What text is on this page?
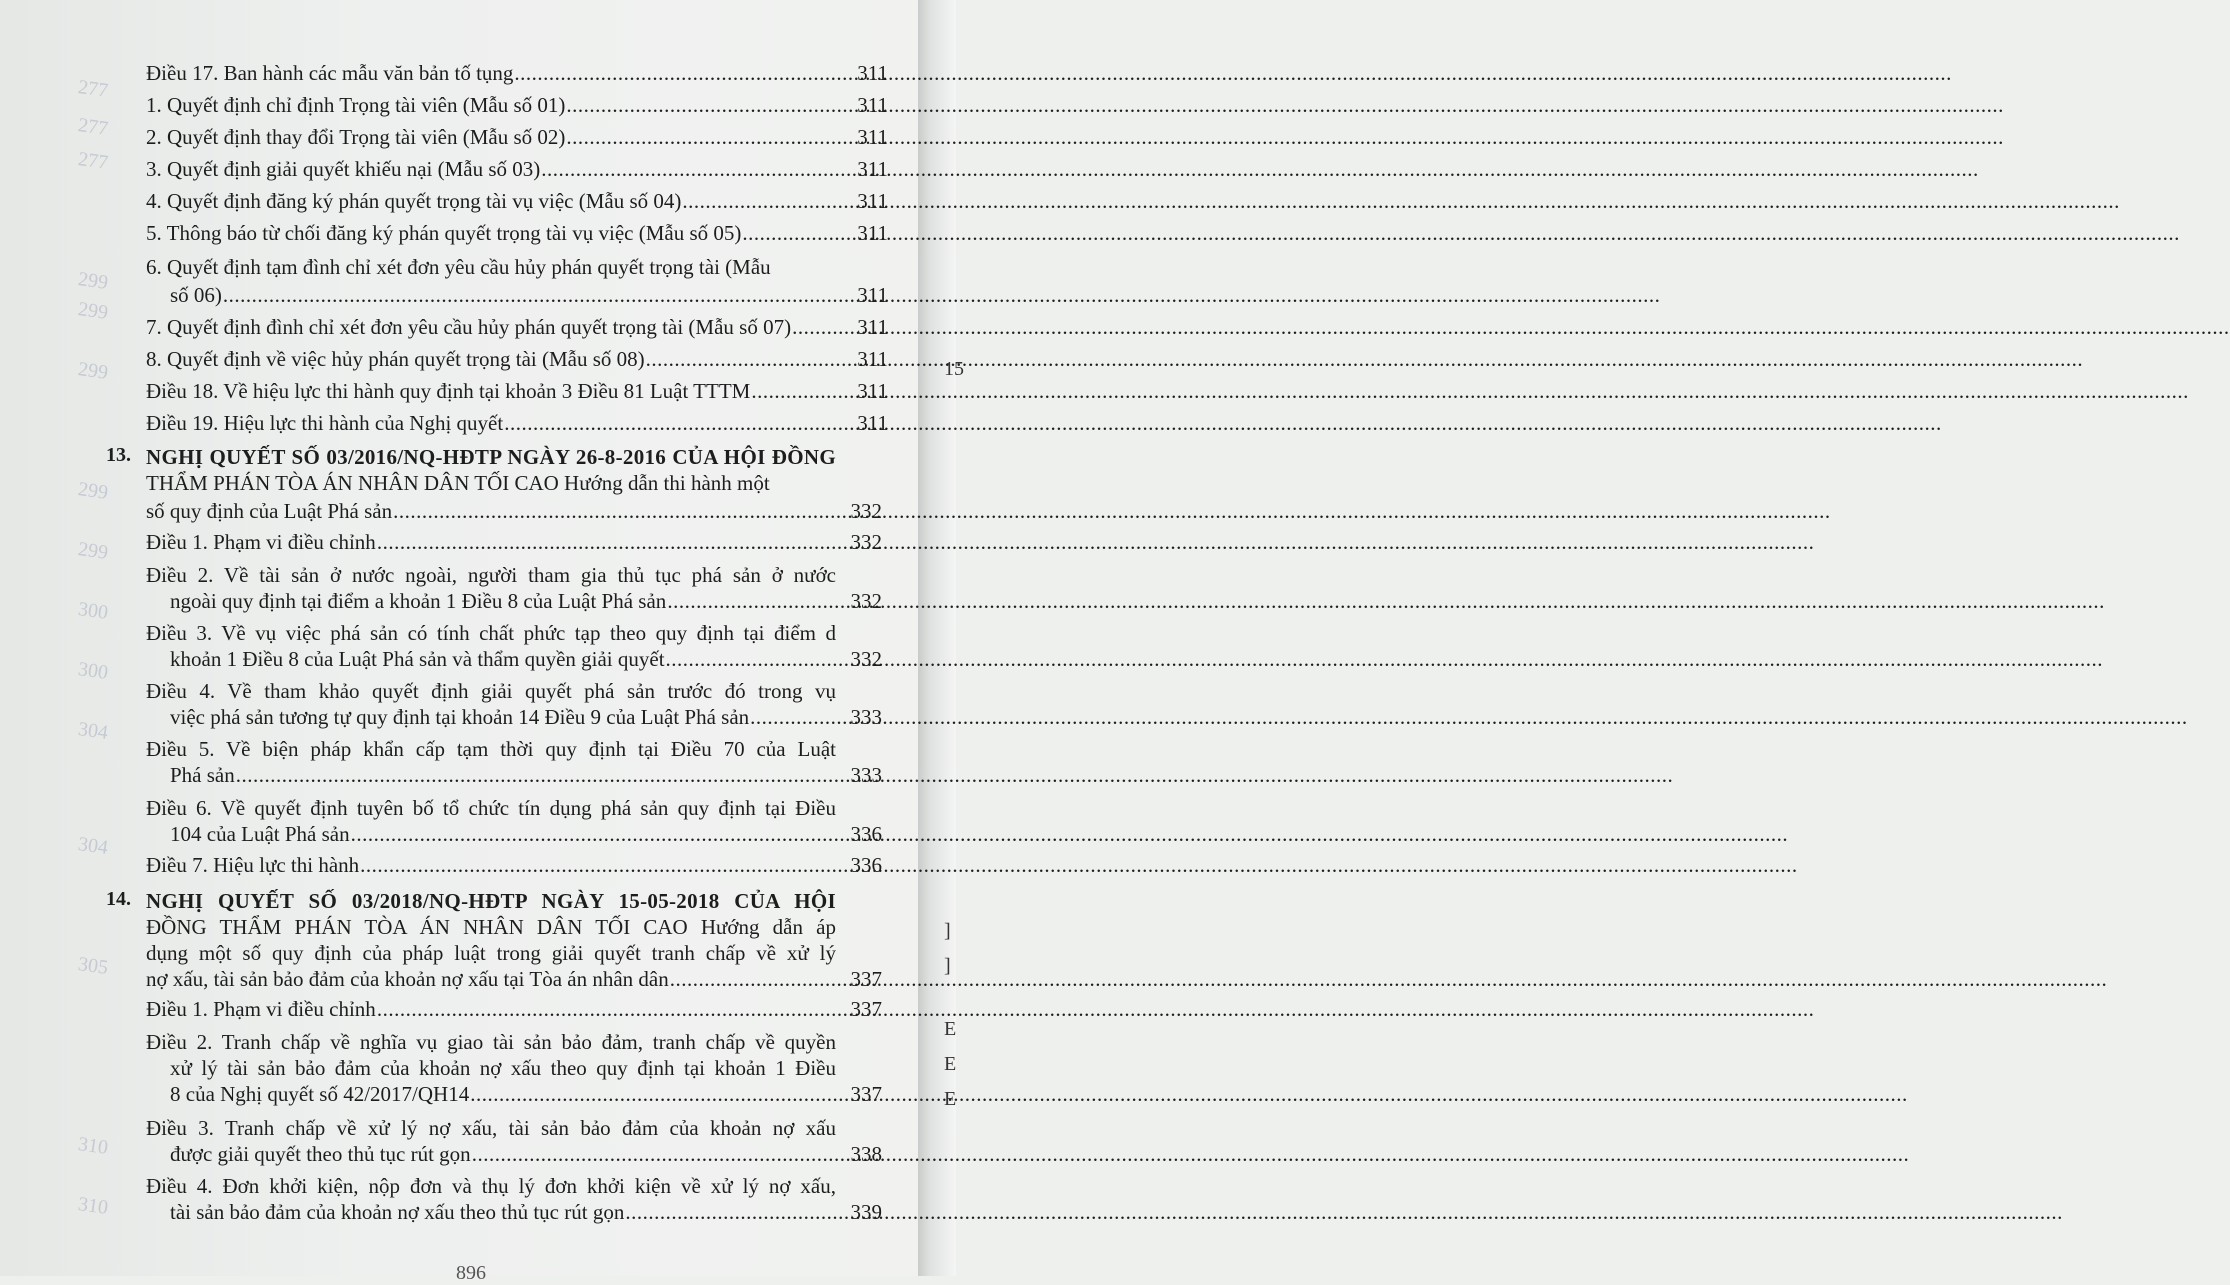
277
277
277
299
299
299
299
299
300
300
304
304
305
310
310
15
]
]
E
E
E
Điều 17. Ban hành các mẫu văn bản tố tụng .....	311
1. Quyết định chỉ định Trọng tài viên (Mẫu số 01) .....	311
2. Quyết định thay đổi Trọng tài viên (Mẫu số 02) .....	311
3. Quyết định giải quyết khiếu nại (Mẫu số 03) .....	311
4. Quyết định đăng ký phán quyết trọng tài vụ việc (Mẫu số 04) .....	311
5. Thông báo từ chối đăng ký phán quyết trọng tài vụ việc (Mẫu số 05) .....	311
6. Quyết định tạm đình chỉ xét đơn yêu cầu hủy phán quyết trọng tài (Mẫu
số 06) .....	311
7. Quyết định đình chỉ xét đơn yêu cầu hủy phán quyết trọng tài (Mẫu số 07) .....	311
8. Quyết định về việc hủy phán quyết trọng tài (Mẫu số 08) .....	311
Điều 18. Về hiệu lực thi hành quy định tại khoản 3 Điều 81 Luật TTTM .....	311
Điều 19. Hiệu lực thi hành của Nghị quyết .....	311
13. NGHỊ QUYẾT SỐ 03/2016/NQ-HĐTP NGÀY 26-8-2016 CỦA HỘI ĐỒNG
THẨM PHÁN TÒA ÁN NHÂN DÂN TỐI CAO Hướng dẫn thi hành một
số quy định của Luật Phá sản .....	332
Điều 1. Phạm vi điều chỉnh .....	332
Điều 2. Về tài sản ở nước ngoài, người tham gia thủ tục phá sản ở nước
ngoài quy định tại điểm a khoản 1 Điều 8 của Luật Phá sản .....	332
Điều 3. Về vụ việc phá sản có tính chất phức tạp theo quy định tại điểm d
khoản 1 Điều 8 của Luật Phá sản và thẩm quyền giải quyết .....	332
Điều 4. Về tham khảo quyết định giải quyết phá sản trước đó trong vụ
việc phá sản tương tự quy định tại khoản 14 Điều 9 của Luật Phá sản .....	333
Điều 5. Về biện pháp khẩn cấp tạm thời quy định tại Điều 70 của Luật
Phá sản .....	333
Điều 6. Về quyết định tuyên bố tổ chức tín dụng phá sản quy định tại Điều
104 của Luật Phá sản .....	336
Điều 7. Hiệu lực thi hành .....	336
14. NGHỊ QUYẾT SỐ 03/2018/NQ-HĐTP NGÀY 15-05-2018 CỦA HỘI
ĐỒNG THẨM PHÁN TÒA ÁN NHÂN DÂN TỐI CAO Hướng dẫn áp
dụng một số quy định của pháp luật trong giải quyết tranh chấp về xử lý
nợ xấu, tài sản bảo đảm của khoản nợ xấu tại Tòa án nhân dân .....	337
Điều 1. Phạm vi điều chỉnh .....	337
Điều 2. Tranh chấp về nghĩa vụ giao tài sản bảo đảm, tranh chấp về quyền
xử lý tài sản bảo đảm của khoản nợ xấu theo quy định tại khoản 1 Điều
8 của Nghị quyết số 42/2017/QH14 .....	337
Điều 3. Tranh chấp về xử lý nợ xấu, tài sản bảo đảm của khoản nợ xấu
được giải quyết theo thủ tục rút gọn .....	338
Điều 4. Đơn khởi kiện, nộp đơn và thụ lý đơn khởi kiện về xử lý nợ xấu,
tài sản bảo đảm của khoản nợ xấu theo thủ tục rút gọn .....	339
896
